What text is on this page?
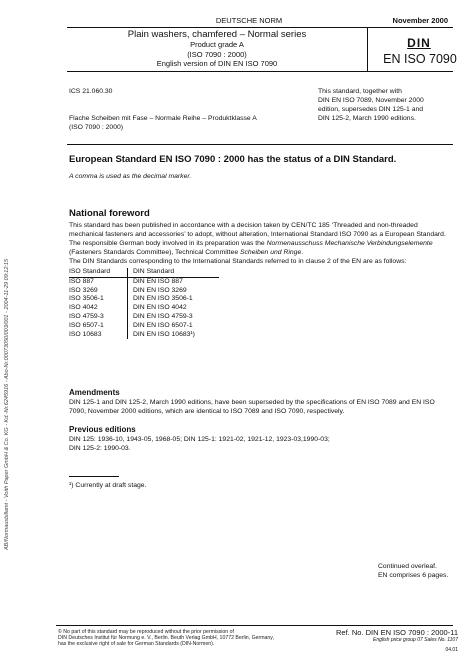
AB/Normausbillamt - Voith Paper GmbH & Co. KG - Kd.-Nr.6245916 - Abo-Nr.00073050/003/001 - 2004-11-29 09:12:15
DEUTSCHE NORM	November 2000
Plain washers, chamfered – Normal series
Product grade A
(ISO 7090 : 2000)
English version of DIN EN ISO 7090
DIN
EN ISO 7090
ICS 21.060.30	This standard, together with
DIN EN ISO 7089, November 2000
edition, supersedes DIN 125-1 and
DIN 125-2, March 1990 editions.
Flache Scheiben mit Fase – Normale Reihe – Produktklasse A
(ISO 7090 : 2000)
European Standard EN ISO 7090 : 2000 has the status of a DIN Standard.
A comma is used as the decimal marker.
National foreword
This standard has been published in accordance with a decision taken by CEN/TC 185 ‘Threaded and non-threaded mechanical fasteners and accessories’ to adopt, without alteration, International Standard ISO 7090 as a European Standard.
The responsible German body involved in its preparation was the Normenausschuss Mechanische Verbindungselemente (Fasteners Standards Committee), Technical Committee Scheiben und Ringe.
The DIN Standards corresponding to the International Standards referred to in clause 2 of the EN are as follows:
ISO Standard	DIN Standard

ISO 887	DIN EN ISO 887
ISO 3269	DIN EN ISO 3269
ISO 3506-1	DIN EN ISO 3506-1
ISO 4042	DIN EN ISO 4042
ISO 4759-3	DIN EN ISO 4759-3
ISO 6507-1	DIN EN ISO 6507-1
ISO 10683	DIN EN ISO 10683¹)
Amendments
DIN 125-1 and DIN 125-2, March 1990 editions, have been superseded by the specifications of EN ISO 7089 and EN ISO 7090, November 2000 editions, which are identical to ISO 7089 and ISO 7090, respectively.
Previous editions
DIN 125: 1936-10, 1943-05, 1968-05; DIN 125-1: 1921-02, 1921-12, 1923-03,1990-03;
DIN 125-2: 1990-03.
¹) Currently at draft stage.
Continued overleaf.
EN comprises 6 pages.
© No part of this standard may be reproduced without the prior permission of
DIN Deutsches Institut für Normung e. V., Berlin. Beuth Verlag GmbH, 10772 Berlin, Germany,
has the exclusive right of sale for German Standards (DIN-Normen).
Ref. No. DIN EN ISO 7090 : 2000-11
English price group 07 Sales No. 1107
04.01
